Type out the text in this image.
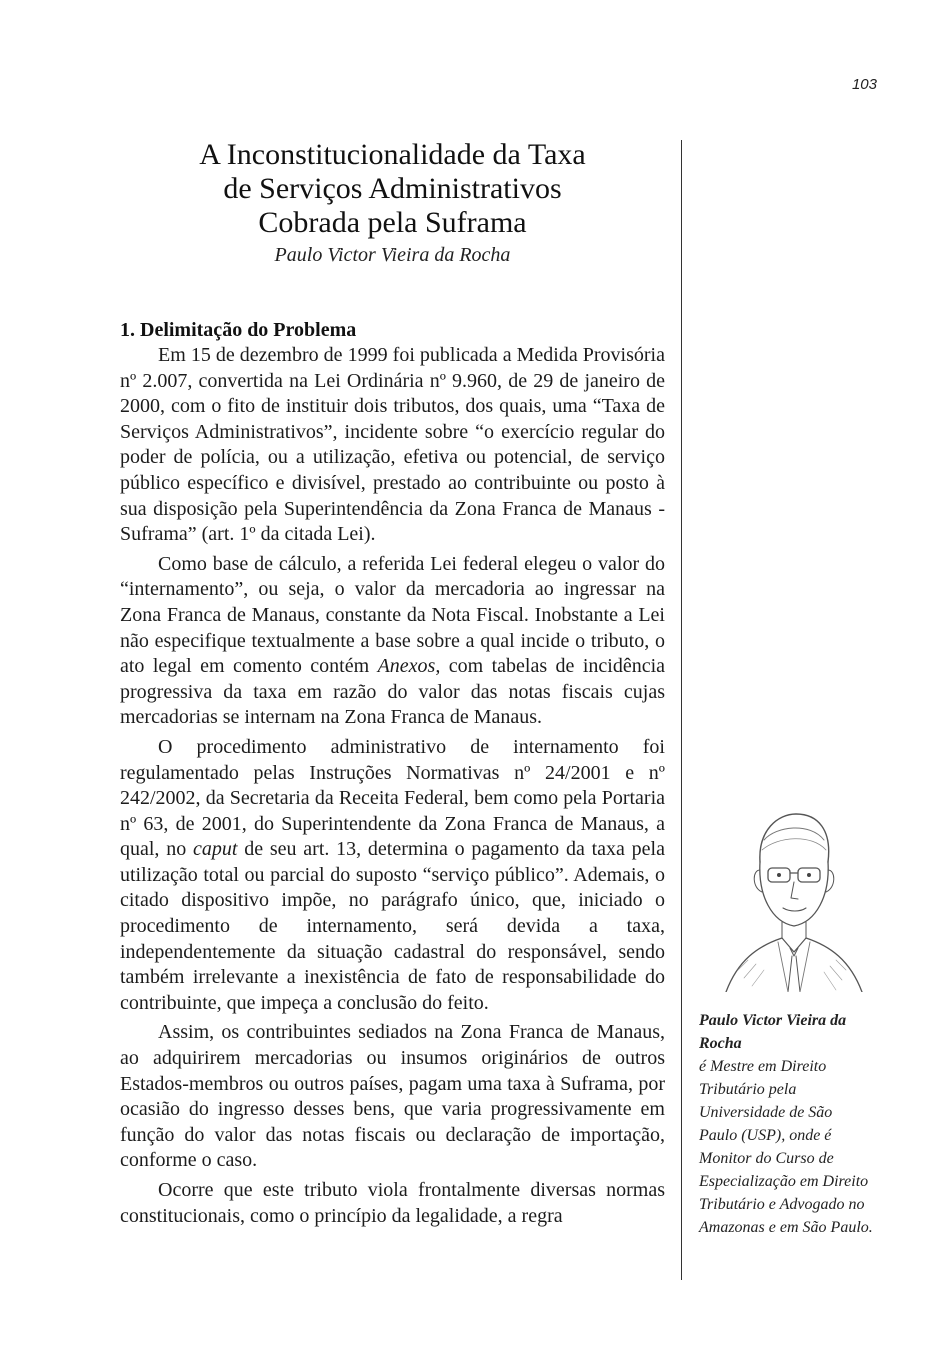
103
A Inconstitucionalidade da Taxa
de Serviços Administrativos
Cobrada pela Suframa
Paulo Victor Vieira da Rocha

1. Delimitação do Problema

Em 15 de dezembro de 1999 foi publicada a Medida Provisória nº 2.007, convertida na Lei Ordinária nº 9.960, de 29 de janeiro de 2000, com o fito de instituir dois tributos, dos quais, uma “Taxa de Serviços Administrativos”, incidente sobre “o exercício regular do poder de polícia, ou a utilização, efetiva ou potencial, de serviço público específico e divisível, prestado ao contribuinte ou posto à sua disposição pela Superintendência da Zona Franca de Manaus - Suframa” (art. 1º da citada Lei).

Como base de cálculo, a referida Lei federal elegeu o valor do “internamento”, ou seja, o valor da mercadoria ao ingressar na Zona Franca de Manaus, constante da Nota Fiscal. Inobstante a Lei não especifique textualmente a base sobre a qual incide o tributo, o ato legal em comento contém Anexos, com tabelas de incidência progressiva da taxa em razão do valor das notas fiscais cujas mercadorias se internam na Zona Franca de Manaus.

O procedimento administrativo de internamento foi regulamentado pelas Instruções Normativas nº 24/2001 e nº 242/2002, da Secretaria da Receita Federal, bem como pela Portaria nº 63, de 2001, do Superintendente da Zona Franca de Manaus, a qual, no caput de seu art. 13, determina o pagamento da taxa pela utilização total ou parcial do suposto “serviço público”. Ademais, o citado dispositivo impõe, no parágrafo único, que, iniciado o procedimento de internamento, será devida a taxa, independentemente da situação cadastral do responsável, sendo também irrelevante a inexistência de fato de responsabilidade do contribuinte, que impeça a conclusão do feito.

Assim, os contribuintes sediados na Zona Franca de Manaus, ao adquirirem mercadorias ou insumos originários de outros Estados-membros ou outros países, pagam uma taxa à Suframa, por ocasião do ingresso desses bens, que varia progressivamente em função do valor das notas fiscais ou declaração de importação, conforme o caso.

Ocorre que este tributo viola frontalmente diversas normas constitucionais, como o princípio da legalidade, a regra

Paulo Victor Vieira da Rocha
é Mestre em Direito Tributário pela Universidade de São Paulo (USP), onde é Monitor do Curso de Especialização em Direito Tributário e Advogado no Amazonas e em São Paulo.
